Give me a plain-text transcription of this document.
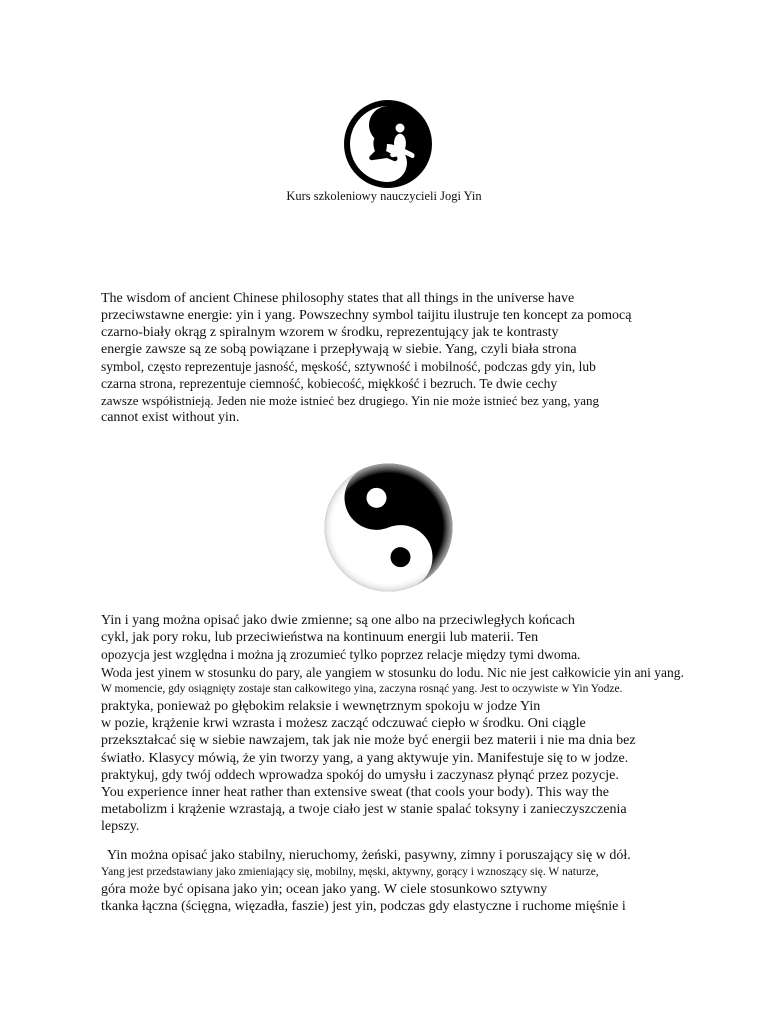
Kurs szkoleniowy nauczycieli Jogi Yin
The wisdom of ancient Chinese philosophy states that all things in the universe have
przeciwstawne energie: yin i yang. Powszechny symbol taijitu ilustruje ten koncept za pomocą
czarno-biały okrąg z spiralnym wzorem w środku, reprezentujący jak te kontrasty
energie zawsze są ze sobą powiązane i przepływają w siebie. Yang, czyli biała strona
symbol, często reprezentuje jasność, męskość, sztywność i mobilność, podczas gdy yin, lub
czarna strona, reprezentuje ciemność, kobiecość, miękkość i bezruch. Te dwie cechy
zawsze współistnieją. Jeden nie może istnieć bez drugiego. Yin nie może istnieć bez yang, yang
cannot exist without yin.
Yin i yang można opisać jako dwie zmienne; są one albo na przeciwległych końcach
cykl, jak pory roku, lub przeciwieństwa na kontinuum energii lub materii. Ten
opozycja jest względna i można ją zrozumieć tylko poprzez relacje między tymi dwoma.
Woda jest yinem w stosunku do pary, ale yangiem w stosunku do lodu. Nic nie jest całkowicie yin ani yang.
W momencie, gdy osiągnięty zostaje stan całkowitego yina, zaczyna rosnąć yang. Jest to oczywiste w Yin Yodze.
praktyka, ponieważ po głębokim relaksie i wewnętrznym spokoju w jodze Yin
w pozie, krążenie krwi wzrasta i możesz zacząć odczuwać ciepło w środku. Oni ciągle
przekształcać się w siebie nawzajem, tak jak nie może być energii bez materii i nie ma dnia bez
światło. Klasycy mówią, że yin tworzy yang, a yang aktywuje yin. Manifestuje się to w jodze.
praktykuj, gdy twój oddech wprowadza spokój do umysłu i zaczynasz płynąć przez pozycje.
You experience inner heat rather than extensive sweat (that cools your body). This way the
metabolizm i krążenie wzrastają, a twoje ciało jest w stanie spalać toksyny i zanieczyszczenia
lepszy.
Yin można opisać jako stabilny, nieruchomy, żeński, pasywny, zimny i poruszający się w dół.
Yang jest przedstawiany jako zmieniający się, mobilny, męski, aktywny, gorący i wznoszący się. W naturze,
góra może być opisana jako yin; ocean jako yang. W ciele stosunkowo sztywny
tkanka łączna (ścięgna, więzadła, faszie) jest yin, podczas gdy elastyczne i ruchome mięśnie i
